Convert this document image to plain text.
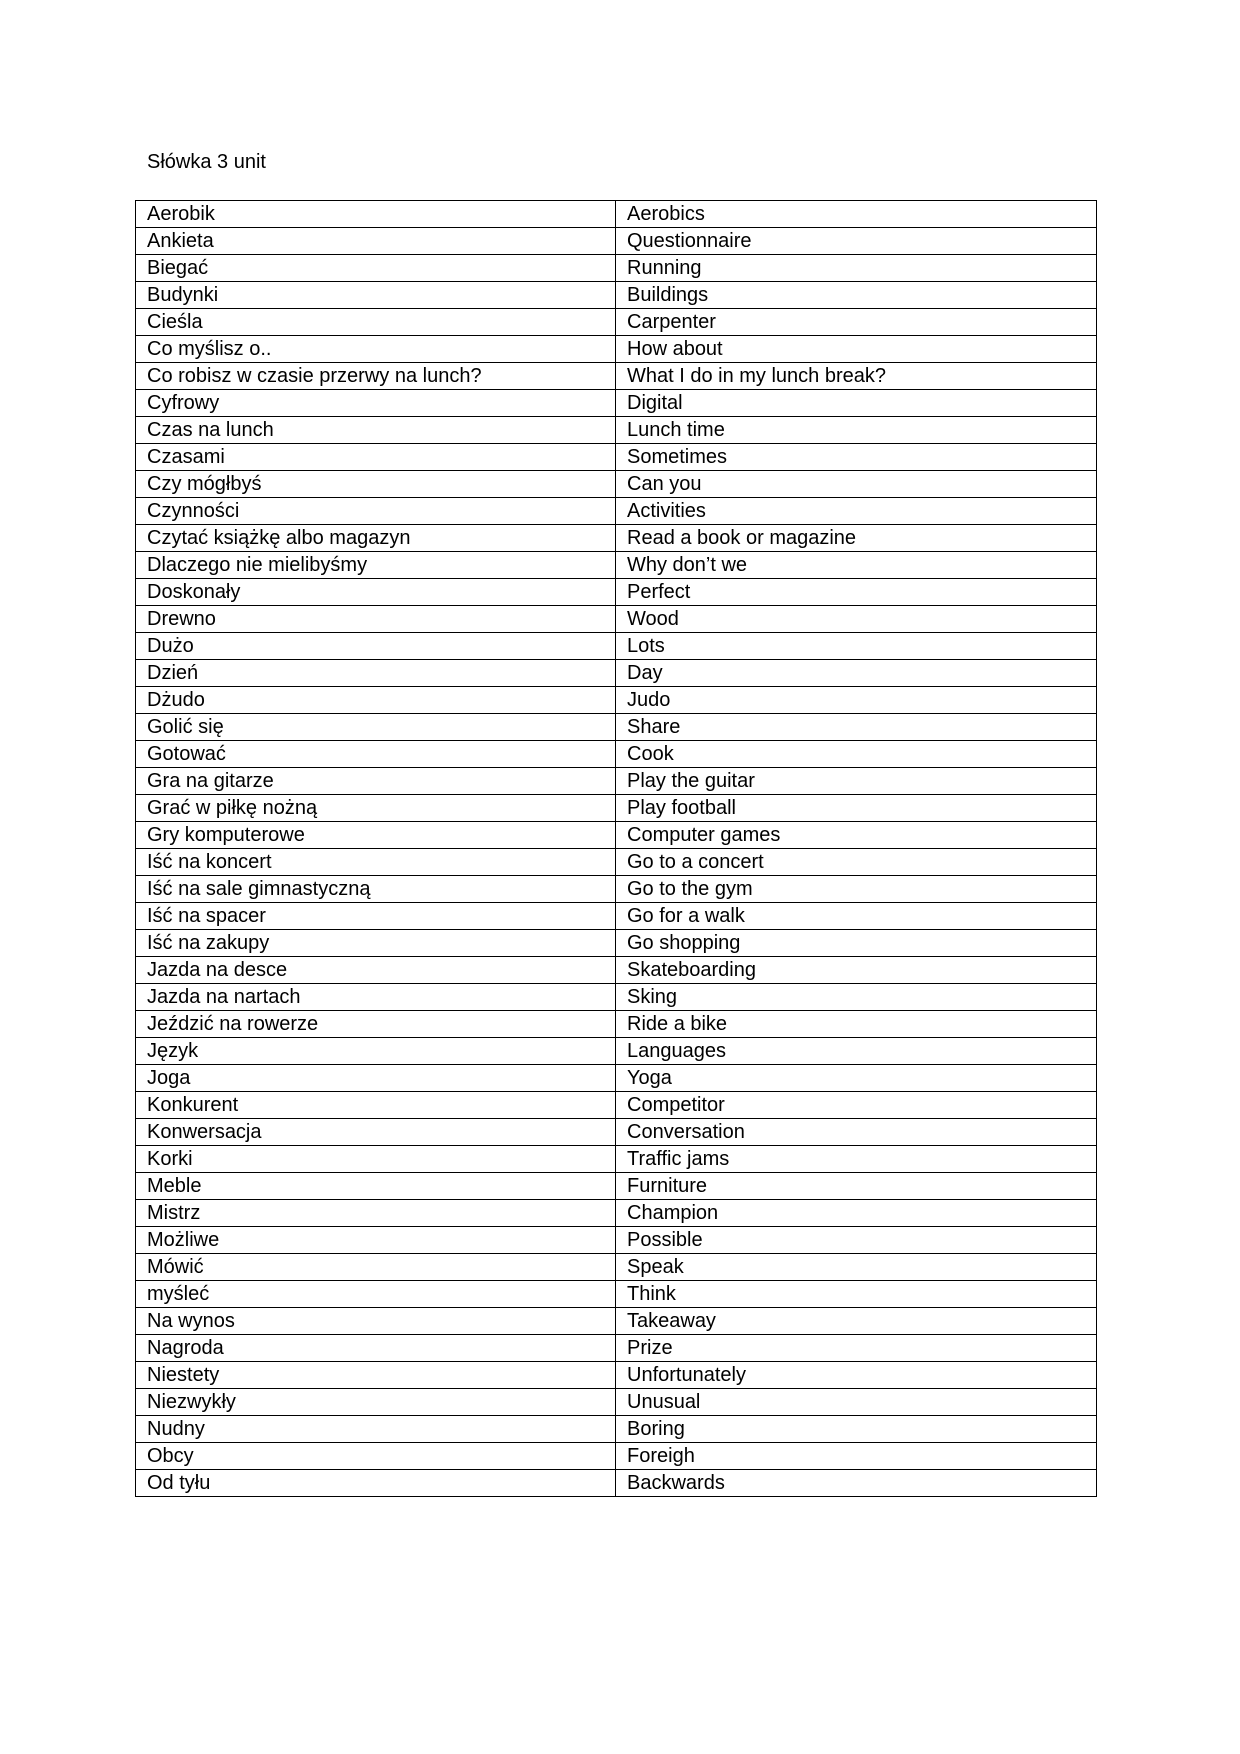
Słówka 3 unit
Aerobik	Aerobics
Ankieta	Questionnaire
Biegać	Running
Budynki	Buildings
Cieśla	Carpenter
Co myślisz o..	How about
Co robisz w czasie przerwy na lunch?	What I do in my lunch break?
Cyfrowy	Digital
Czas na lunch	Lunch time
Czasami	Sometimes
Czy mógłbyś	Can you
Czynności	Activities
Czytać książkę albo magazyn	Read a book or magazine
Dlaczego nie mielibyśmy	Why don’t we
Doskonały	Perfect
Drewno	Wood
Dużo	Lots
Dzień	Day
Dżudo	Judo
Golić się	Share
Gotować	Cook
Gra na gitarze	Play the guitar
Grać w piłkę nożną	Play football
Gry komputerowe	Computer games
Iść na koncert	Go to a concert
Iść na sale gimnastyczną	Go to the gym
Iść na spacer	Go for a walk
Iść na zakupy	Go shopping
Jazda na desce	Skateboarding
Jazda na nartach	Sking
Jeździć na rowerze	Ride a bike
Język	Languages
Joga	Yoga
Konkurent	Competitor
Konwersacja	Conversation
Korki	Traffic jams
Meble	Furniture
Mistrz	Champion
Możliwe	Possible
Mówić	Speak
myśleć	Think
Na wynos	Takeaway
Nagroda	Prize
Niestety	Unfortunately
Niezwykły	Unusual
Nudny	Boring
Obcy	Foreigh
Od tyłu	Backwards
